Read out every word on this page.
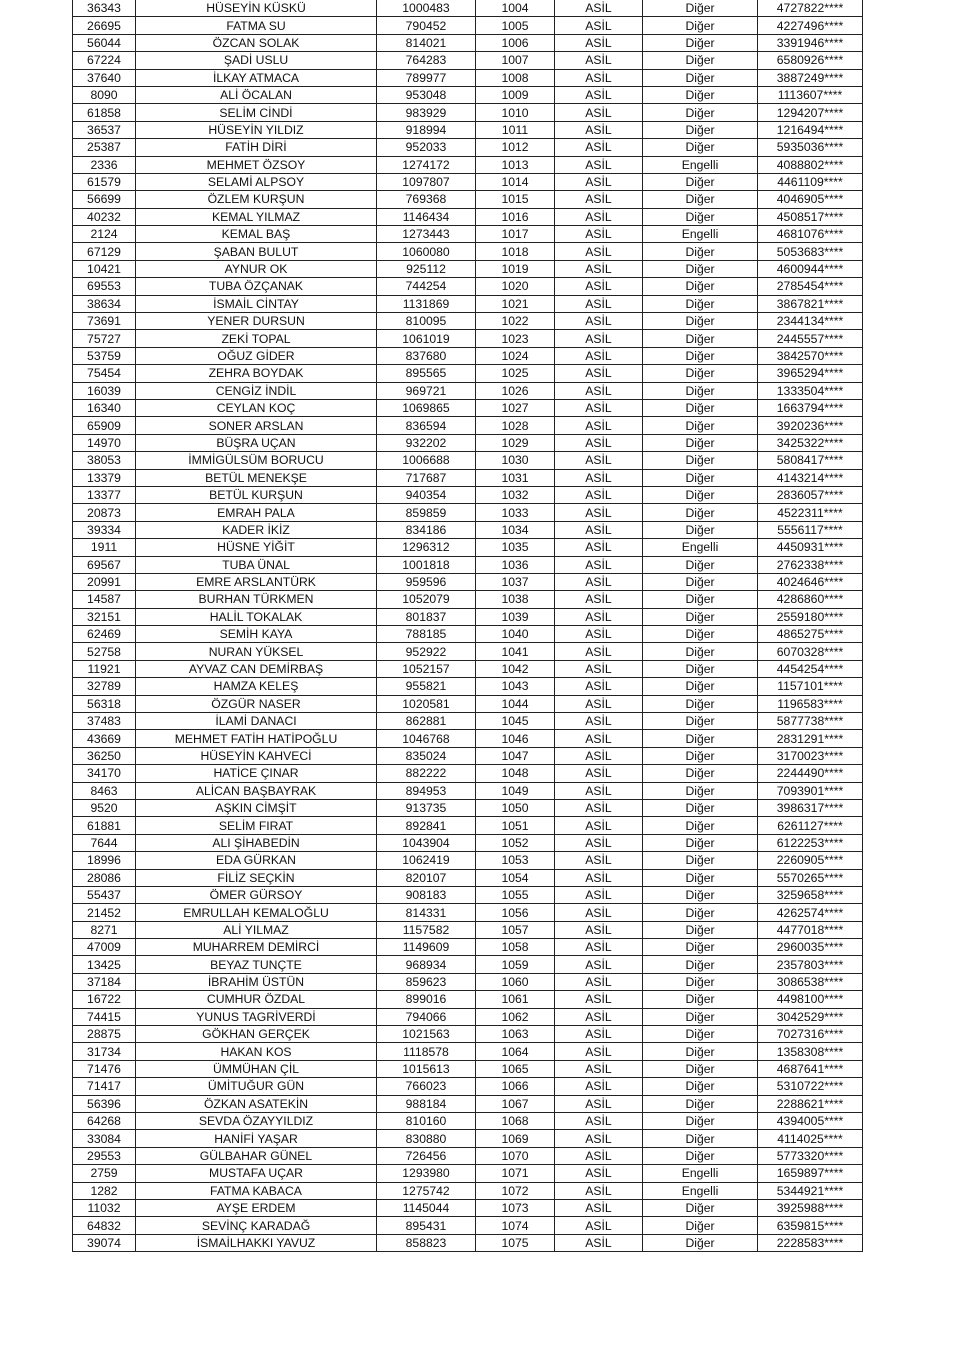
36343	HÜSEYİN KÜSKÜ	1000483	1004	ASİL	Diğer	4727822****
26695	FATMA SU	790452	1005	ASİL	Diğer	4227496****
56044	ÖZCAN SOLAK	814021	1006	ASİL	Diğer	3391946****
67224	ŞADİ USLU	764283	1007	ASİL	Diğer	6580926****
37640	İLKAY ATMACA	789977	1008	ASİL	Diğer	3887249****
8090	ALİ ÖCALAN	953048	1009	ASİL	Diğer	1113607****
61858	SELİM CİNDİ	983929	1010	ASİL	Diğer	1294207****
36537	HÜSEYİN YILDIZ	918994	1011	ASİL	Diğer	1216494****
25387	FATİH DİRİ	952033	1012	ASİL	Diğer	5935036****
2336	MEHMET ÖZSOY	1274172	1013	ASİL	Engelli	4088802****
61579	SELAMİ ALPSOY	1097807	1014	ASİL	Diğer	4461109****
56699	ÖZLEM KURŞUN	769368	1015	ASİL	Diğer	4046905****
40232	KEMAL YILMAZ	1146434	1016	ASİL	Diğer	4508517****
2124	KEMAL BAŞ	1273443	1017	ASİL	Engelli	4681076****
67129	ŞABAN BULUT	1060080	1018	ASİL	Diğer	5053683****
10421	AYNUR OK	925112	1019	ASİL	Diğer	4600944****
69553	TUBA ÖZÇANAK	744254	1020	ASİL	Diğer	2785454****
38634	İSMAİL CİNTAY	1131869	1021	ASİL	Diğer	3867821****
73691	YENER DURSUN	810095	1022	ASİL	Diğer	2344134****
75727	ZEKİ TOPAL	1061019	1023	ASİL	Diğer	2445557****
53759	OĞUZ GİDER	837680	1024	ASİL	Diğer	3842570****
75454	ZEHRA BOYDAK	895565	1025	ASİL	Diğer	3965294****
16039	CENGİZ İNDİL	969721	1026	ASİL	Diğer	1333504****
16340	CEYLAN KOÇ	1069865	1027	ASİL	Diğer	1663794****
65909	SONER ARSLAN	836594	1028	ASİL	Diğer	3920236****
14970	BÜŞRA UÇAN	932202	1029	ASİL	Diğer	3425322****
38053	İMMİGÜLSÜM BORUCU	1006688	1030	ASİL	Diğer	5808417****
13379	BETÜL MENEKŞE	717687	1031	ASİL	Diğer	4143214****
13377	BETÜL KURŞUN	940354	1032	ASİL	Diğer	2836057****
20873	EMRAH PALA	859859	1033	ASİL	Diğer	4522311****
39334	KADER İKİZ	834186	1034	ASİL	Diğer	5556117****
1911	HÜSNE YİĞİT	1296312	1035	ASİL	Engelli	4450931****
69567	TUBA ÜNAL	1001818	1036	ASİL	Diğer	2762338****
20991	EMRE ARSLANTÜRK	959596	1037	ASİL	Diğer	4024646****
14587	BURHAN TÜRKMEN	1052079	1038	ASİL	Diğer	4286860****
32151	HALİL TOKALAK	801837	1039	ASİL	Diğer	2559180****
62469	SEMİH KAYA	788185	1040	ASİL	Diğer	4865275****
52758	NURAN YÜKSEL	952922	1041	ASİL	Diğer	6070328****
11921	AYVAZ CAN DEMİRBAŞ	1052157	1042	ASİL	Diğer	4454254****
32789	HAMZA KELEŞ	955821	1043	ASİL	Diğer	1157101****
56318	ÖZGÜR NASER	1020581	1044	ASİL	Diğer	1196583****
37483	İLAMİ DANACI	862881	1045	ASİL	Diğer	5877738****
43669	MEHMET FATİH HATİPOĞLU	1046768	1046	ASİL	Diğer	2831291****
36250	HÜSEYİN KAHVECİ	835024	1047	ASİL	Diğer	3170023****
34170	HATİCE ÇINAR	882222	1048	ASİL	Diğer	2244490****
8463	ALİCAN BAŞBAYRAK	894953	1049	ASİL	Diğer	7093901****
9520	AŞKIN CİMŞİT	913735	1050	ASİL	Diğer	3986317****
61881	SELİM FIRAT	892841	1051	ASİL	Diğer	6261127****
7644	ALI ŞİHABEDİN	1043904	1052	ASİL	Diğer	6122253****
18996	EDA GÜRKAN	1062419	1053	ASİL	Diğer	2260905****
28086	FİLİZ SEÇKİN	820107	1054	ASİL	Diğer	5570265****
55437	ÖMER GÜRSOY	908183	1055	ASİL	Diğer	3259658****
21452	EMRULLAH KEMALOĞLU	814331	1056	ASİL	Diğer	4262574****
8271	ALİ YILMAZ	1157582	1057	ASİL	Diğer	4477018****
47009	MUHARREM DEMİRCİ	1149609	1058	ASİL	Diğer	2960035****
13425	BEYAZ TUNÇTE	968934	1059	ASİL	Diğer	2357803****
37184	İBRAHİM ÜSTÜN	859623	1060	ASİL	Diğer	3086538****
16722	CUMHUR ÖZDAL	899016	1061	ASİL	Diğer	4498100****
74415	YUNUS TAGRİVERDİ	794066	1062	ASİL	Diğer	3042529****
28875	GÖKHAN GERÇEK	1021563	1063	ASİL	Diğer	7027316****
31734	HAKAN KOS	1118578	1064	ASİL	Diğer	1358308****
71476	ÜMMÜHAN ÇİL	1015613	1065	ASİL	Diğer	4687641****
71417	ÜMİTUĞUR GÜN	766023	1066	ASİL	Diğer	5310722****
56396	ÖZKAN ASATEKİN	988184	1067	ASİL	Diğer	2288621****
64268	SEVDA ÖZAYYILDIZ	810160	1068	ASİL	Diğer	4394005****
33084	HANİFİ YAŞAR	830880	1069	ASİL	Diğer	4114025****
29553	GÜLBAHAR GÜNEL	726456	1070	ASİL	Diğer	5773320****
2759	MUSTAFA UÇAR	1293980	1071	ASİL	Engelli	1659897****
1282	FATMA KABACA	1275742	1072	ASİL	Engelli	5344921****
11032	AYŞE ERDEM	1145044	1073	ASİL	Diğer	3925988****
64832	SEVİNÇ KARADAĞ	895431	1074	ASİL	Diğer	6359815****
39074	İSMAİLHAKKI YAVUZ	858823	1075	ASİL	Diğer	2228583****
